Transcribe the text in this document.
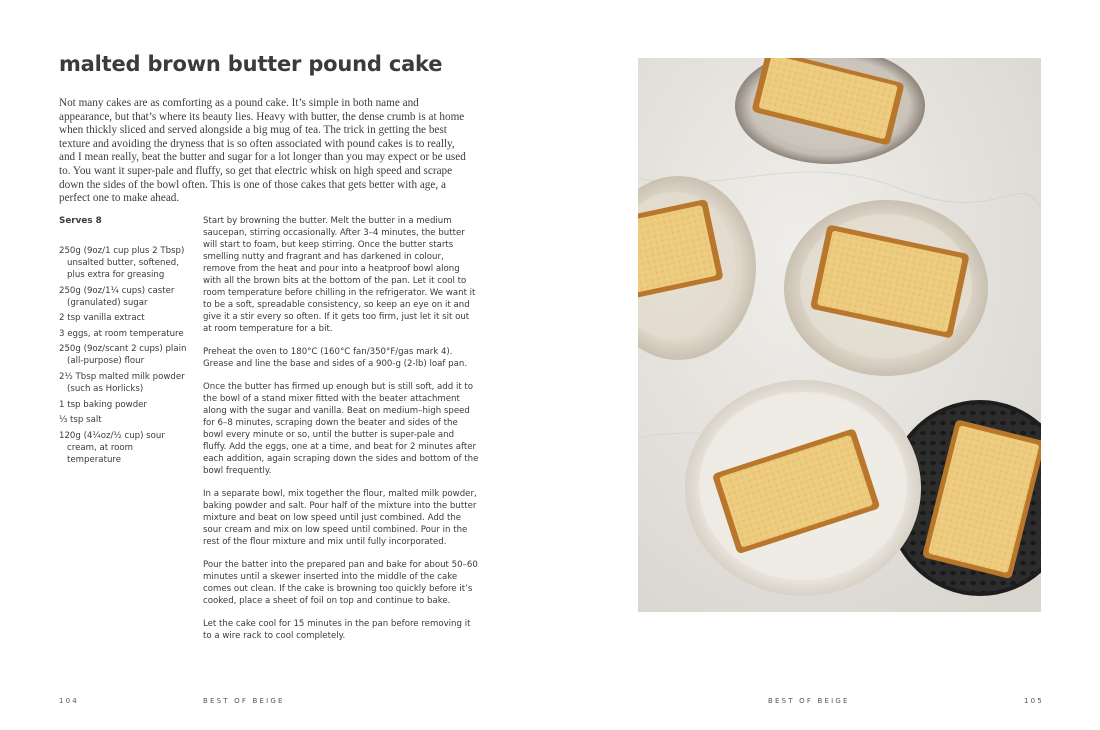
malted brown butter pound cake

Not many cakes are as comforting as a pound cake. It’s simple in both name and appearance, but that’s where its beauty lies. Heavy with butter, the dense crumb is at home when thickly sliced and served alongside a big mug of tea. The trick in getting the best texture and avoiding the dryness that is so often associated with pound cakes is to really, and I mean really, beat the butter and sugar for a lot longer than you may expect or be used to. You want it super-pale and fluffy, so get that electric whisk on high speed and scrape down the sides of the bowl often. This is one of those cakes that gets better with age, a perfect one to make ahead.

Serves 8
250g (9oz/1 cup plus 2 Tbsp) unsalted butter, softened, plus extra for greasing
250g (9oz/1¼ cups) caster (granulated) sugar
2 tsp vanilla extract
3 eggs, at room temperature
250g (9oz/scant 2 cups) plain (all-purpose) flour
2½ Tbsp malted milk powder (such as Horlicks)
1 tsp baking powder
⅓ tsp salt
120g (4¼oz/½ cup) sour cream, at room temperature

Start by browning the butter. Melt the butter in a medium saucepan, stirring occasionally. After 3–4 minutes, the butter will start to foam, but keep stirring. Once the butter starts smelling nutty and fragrant and has darkened in colour, remove from the heat and pour into a heatproof bowl along with all the brown bits at the bottom of the pan. Let it cool to room temperature before chilling in the refrigerator. We want it to be a soft, spreadable consistency, so keep an eye on it and give it a stir every so often. If it gets too firm, just let it sit out at room temperature for a bit.

Preheat the oven to 180°C (160°C fan/350°F/gas mark 4). Grease and line the base and sides of a 900-g (2-lb) loaf pan.

Once the butter has firmed up enough but is still soft, add it to the bowl of a stand mixer fitted with the beater attachment along with the sugar and vanilla. Beat on medium–high speed for 6–8 minutes, scraping down the beater and sides of the bowl every minute or so, until the butter is super-pale and fluffy. Add the eggs, one at a time, and beat for 2 minutes after each addition, again scraping down the sides and bottom of the bowl frequently.

In a separate bowl, mix together the flour, malted milk powder, baking powder and salt. Pour half of the mixture into the butter mixture and beat on low speed until just combined. Add the sour cream and mix on low speed until combined. Pour in the rest of the flour mixture and mix until fully incorporated.

Pour the batter into the prepared pan and bake for about 50–60 minutes until a skewer inserted into the middle of the cake comes out clean. If the cake is browning too quickly before it’s cooked, place a sheet of foil on top and continue to bake.

Let the cake cool for 15 minutes in the pan before removing it to a wire rack to cool completely.

104	BEST OF BEIGE	BEST OF BEIGE	105
